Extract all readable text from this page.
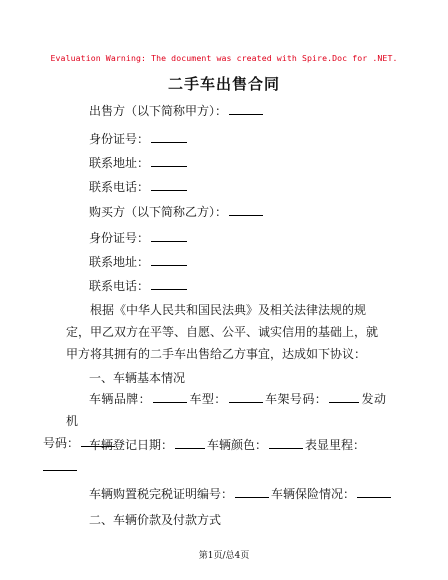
Evaluation Warning: The document was created with Spire.Doc for .NET.
二手车出售合同
出售方（以下简称甲方）：
身份证号：
联系地址：
联系电话：
购买方（以下简称乙方）：
身份证号：
联系地址：
联系电话：
根据《中华人民共和国民法典》及相关法律法规的规定，甲乙双方在平等、自愿、公平、诚实信用的基础上，就甲方将其拥有的二手车出售给乙方事宜，达成如下协议：
一、车辆基本情况
车辆品牌：	车型：	车架号码：	发动机
号码： 车辆登记日期：	车辆颜色：	表显里程：

车辆购置税完税证明编号：	车辆保险情况：
二、车辆价款及付款方式
第1页/总4页
